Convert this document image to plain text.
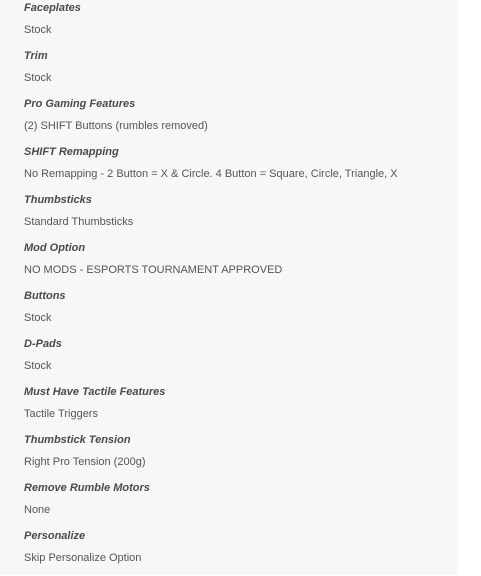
Faceplates
Stock
Trim
Stock
Pro Gaming Features
(2) SHIFT Buttons (rumbles removed)
SHIFT Remapping
No Remapping - 2 Button = X & Circle. 4 Button = Square, Circle, Triangle, X
Thumbsticks
Standard Thumbsticks
Mod Option
NO MODS - ESPORTS TOURNAMENT APPROVED
Buttons
Stock
D-Pads
Stock
Must Have Tactile Features
Tactile Triggers
Thumbstick Tension
Right Pro Tension (200g)
Remove Rumble Motors
None
Personalize
Skip Personalize Option
